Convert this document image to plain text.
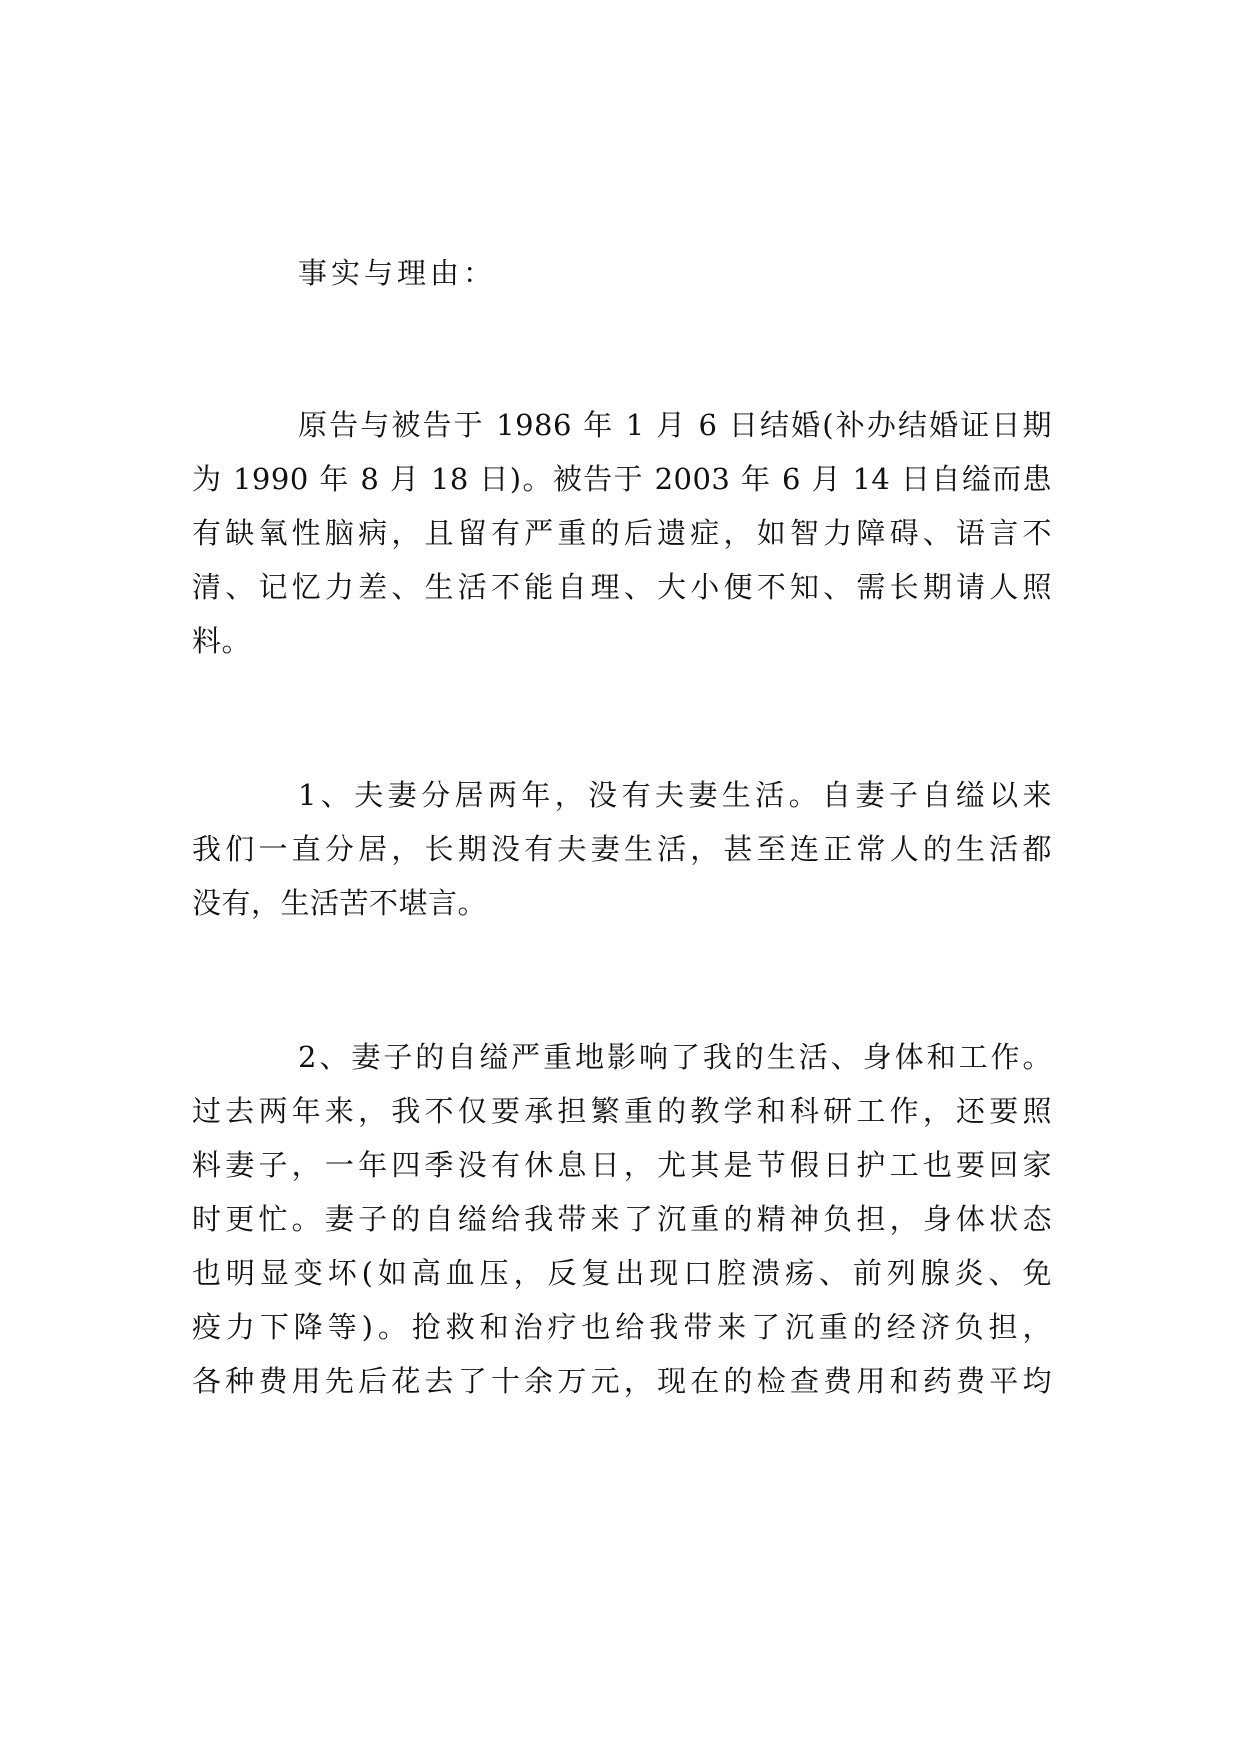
事实与理由：
原告与被告于 1986 年 1 月 6 日结婚(补办结婚证日期
为 1990 年 8 月 18 日)。被告于 2003 年 6 月 14 日自缢而患
有缺氧性脑病，且留有严重的后遗症，如智力障碍、语言不
清、记忆力差、生活不能自理、大小便不知、需长期请人照
料。
1、夫妻分居两年，没有夫妻生活。自妻子自缢以来
我们一直分居，长期没有夫妻生活，甚至连正常人的生活都
没有，生活苦不堪言。
2、妻子的自缢严重地影响了我的生活、身体和工作。
过去两年来，我不仅要承担繁重的教学和科研工作，还要照
料妻子，一年四季没有休息日，尤其是节假日护工也要回家
时更忙。妻子的自缢给我带来了沉重的精神负担，身体状态
也明显变坏(如高血压，反复出现口腔溃疡、前列腺炎、免
疫力下降等)。抢救和治疗也给我带来了沉重的经济负担，
各种费用先后花去了十余万元，现在的检查费用和药费平均
